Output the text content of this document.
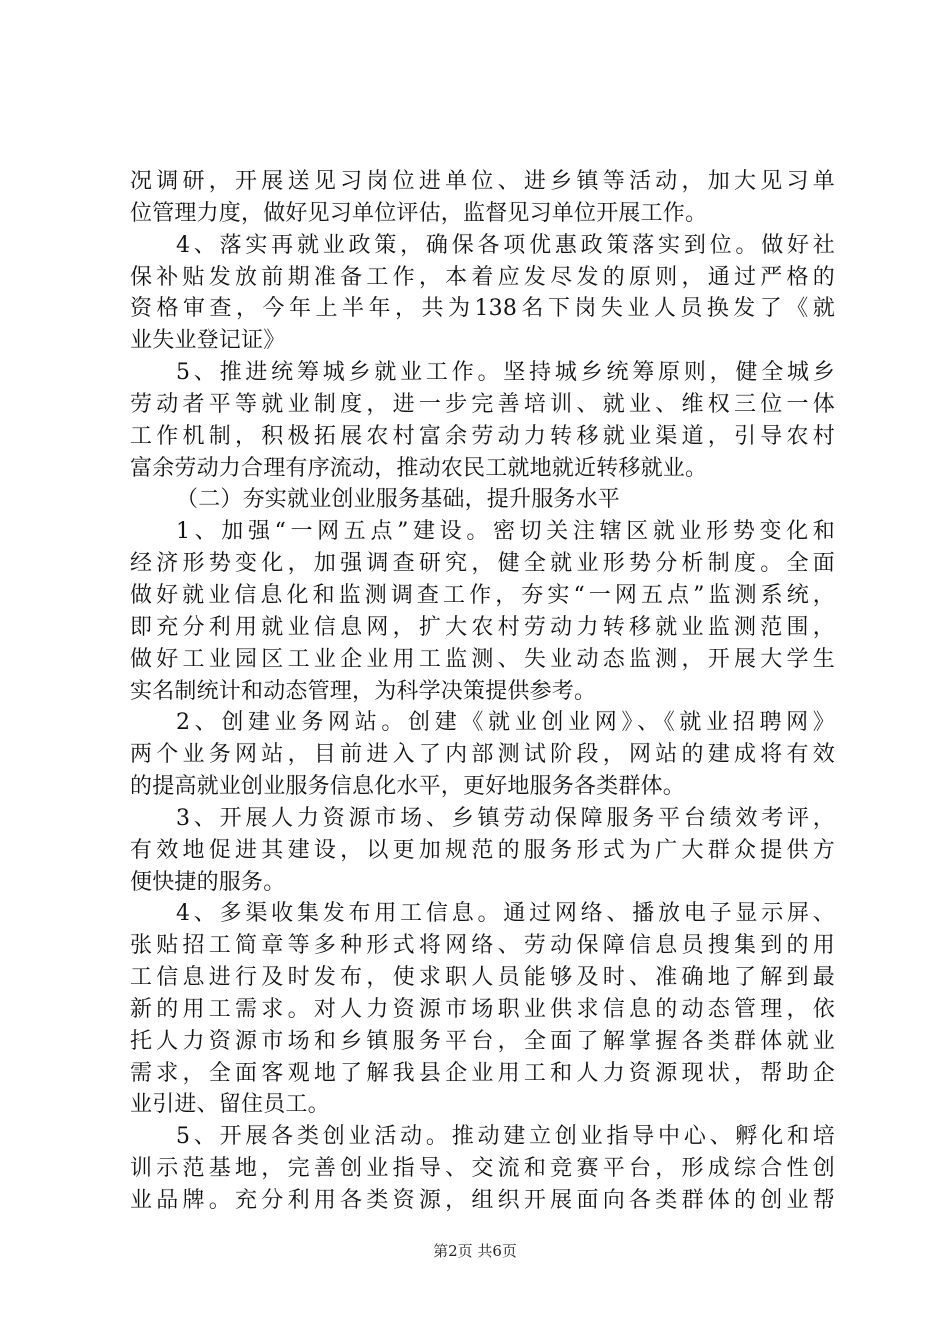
况调研，开展送见习岗位进单位、进乡镇等活动，加大见习单
位管理力度，做好见习单位评估，监督见习单位开展工作。
4、落实再就业政策，确保各项优惠政策落实到位。做好社
保补贴发放前期准备工作，本着应发尽发的原则，通过严格的
资格审查，今年上半年，共为138名下岗失业人员换发了《就
业失业登记证》
5、推进统筹城乡就业工作。坚持城乡统筹原则，健全城乡
劳动者平等就业制度，进一步完善培训、就业、维权三位一体
工作机制，积极拓展农村富余劳动力转移就业渠道，引导农村
富余劳动力合理有序流动，推动农民工就地就近转移就业。
（二）夯实就业创业服务基础，提升服务水平
1、加强“一网五点”建设。密切关注辖区就业形势变化和
经济形势变化，加强调查研究，健全就业形势分析制度。全面
做好就业信息化和监测调查工作，夯实“一网五点”监测系统，
即充分利用就业信息网，扩大农村劳动力转移就业监测范围，
做好工业园区工业企业用工监测、失业动态监测，开展大学生
实名制统计和动态管理，为科学决策提供参考。
2、创建业务网站。创建《就业创业网》、《就业招聘网》
两个业务网站，目前进入了内部测试阶段，网站的建成将有效
的提高就业创业服务信息化水平，更好地服务各类群体。
3、开展人力资源市场、乡镇劳动保障服务平台绩效考评，
有效地促进其建设，以更加规范的服务形式为广大群众提供方
便快捷的服务。
4、多渠收集发布用工信息。通过网络、播放电子显示屏、
张贴招工简章等多种形式将网络、劳动保障信息员搜集到的用
工信息进行及时发布，使求职人员能够及时、准确地了解到最
新的用工需求。对人力资源市场职业供求信息的动态管理，依
托人力资源市场和乡镇服务平台，全面了解掌握各类群体就业
需求，全面客观地了解我县企业用工和人力资源现状，帮助企
业引进、留住员工。
5、开展各类创业活动。推动建立创业指导中心、孵化和培
训示范基地，完善创业指导、交流和竞赛平台，形成综合性创
业品牌。充分利用各类资源，组织开展面向各类群体的创业帮
第2页 共6页
